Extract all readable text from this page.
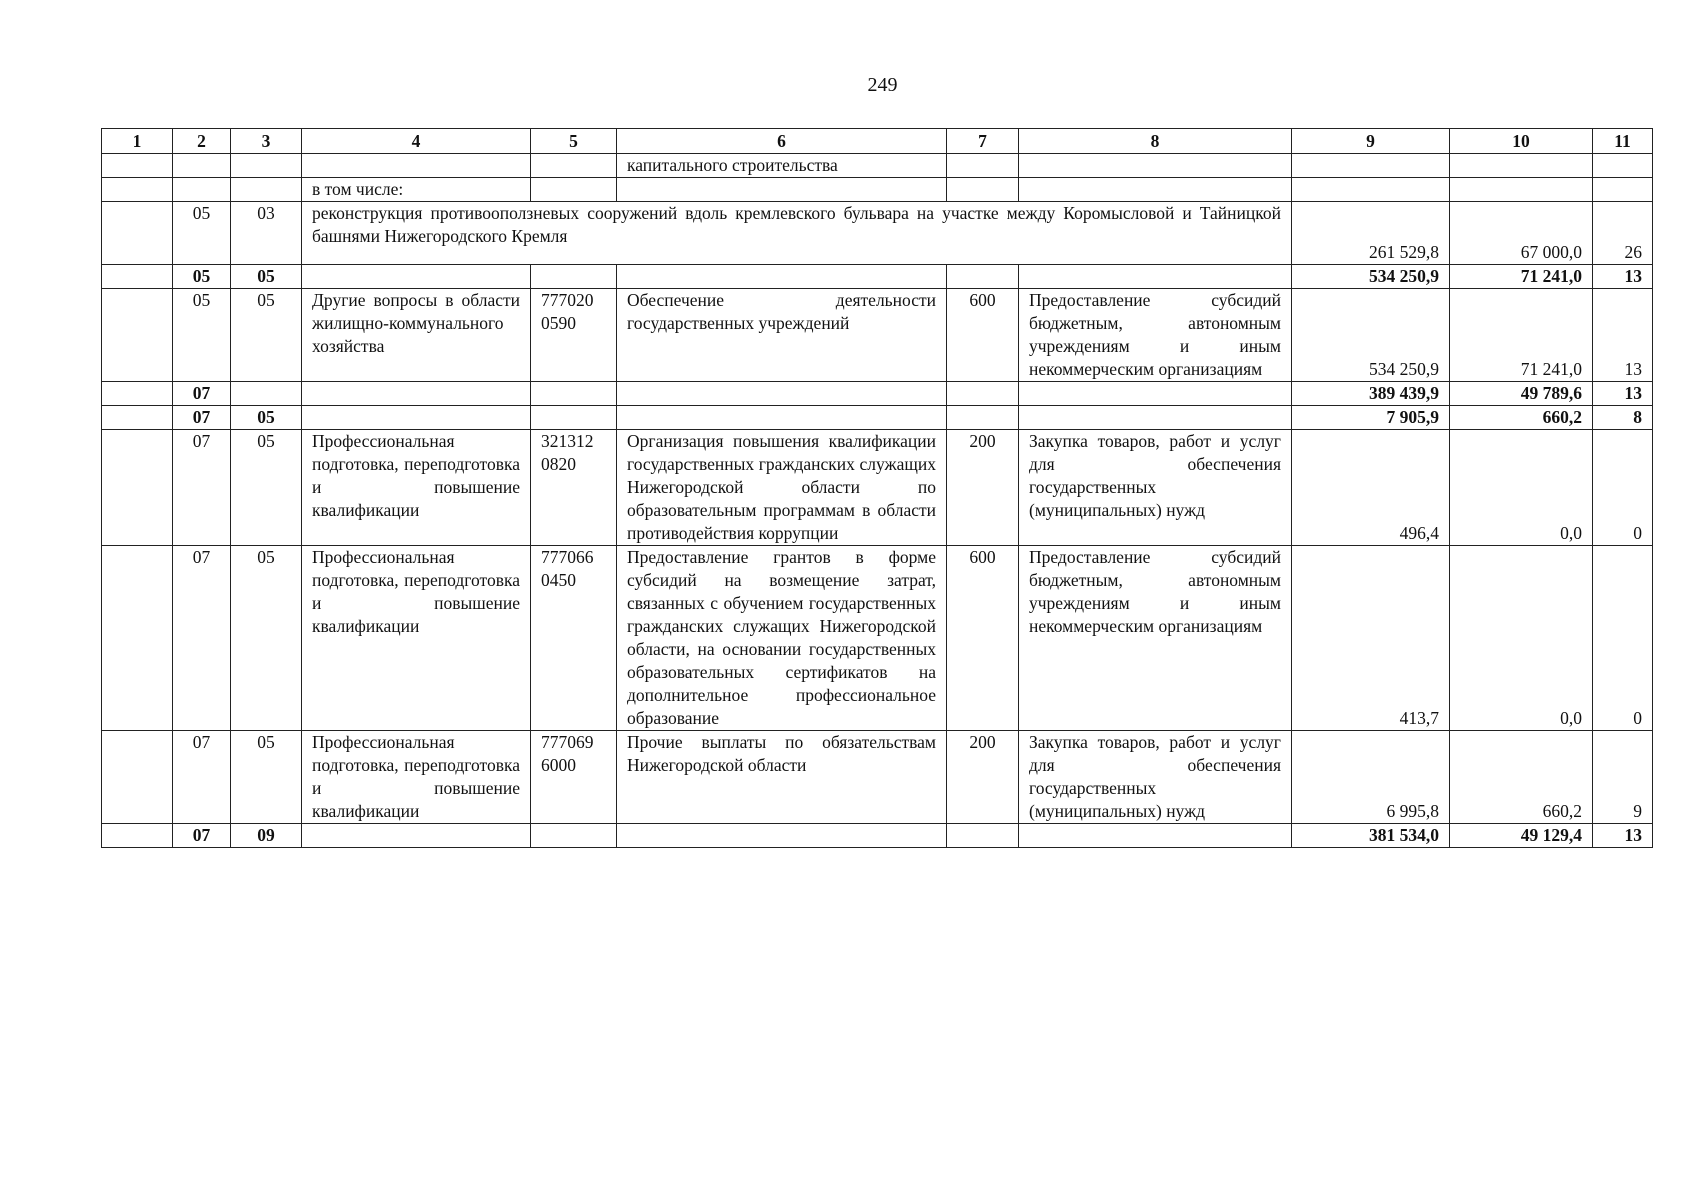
249
1	2	3	4	5	6	7	8	9	10	11
					капитального строительства					
			в том числе:							
	05	03	реконструкция противооползневых сооружений вдоль кремлевского бульвара на участке между Коромысловой и Тайницкой башнями Нижегородского Кремля					261 529,8	67 000,0	26
	05	05						534 250,9	71 241,0	13
	05	05	Другие вопросы в области жилищно-коммунального хозяйства	777020 0590	Обеспечение деятельности государственных учреждений	600	Предоставление субсидий бюджетным, автономным учреждениям и иным некоммерческим организациям	534 250,9	71 241,0	13
	07							389 439,9	49 789,6	13
	07	05						7 905,9	660,2	8
	07	05	Профессиональная подготовка, переподготовка и повышение квалификации	321312 0820	Организация повышения квалификации государственных гражданских служащих Нижегородской области по образовательным программам в области противодействия коррупции	200	Закупка товаров, работ и услуг для обеспечения государственных (муниципальных) нужд	496,4	0,0	0
	07	05	Профессиональная подготовка, переподготовка и повышение квалификации	777066 0450	Предоставление грантов в форме субсидий на возмещение затрат, связанных с обучением государственных гражданских служащих Нижегородской области, на основании государственных образовательных сертификатов на дополнительное профессиональное образование	600	Предоставление субсидий бюджетным, автономным учреждениям и иным некоммерческим организациям	413,7	0,0	0
	07	05	Профессиональная подготовка, переподготовка и повышение квалификации	777069 6000	Прочие выплаты по обязательствам Нижегородской области	200	Закупка товаров, работ и услуг для обеспечения государственных (муниципальных) нужд	6 995,8	660,2	9
	07	09						381 534,0	49 129,4	13
